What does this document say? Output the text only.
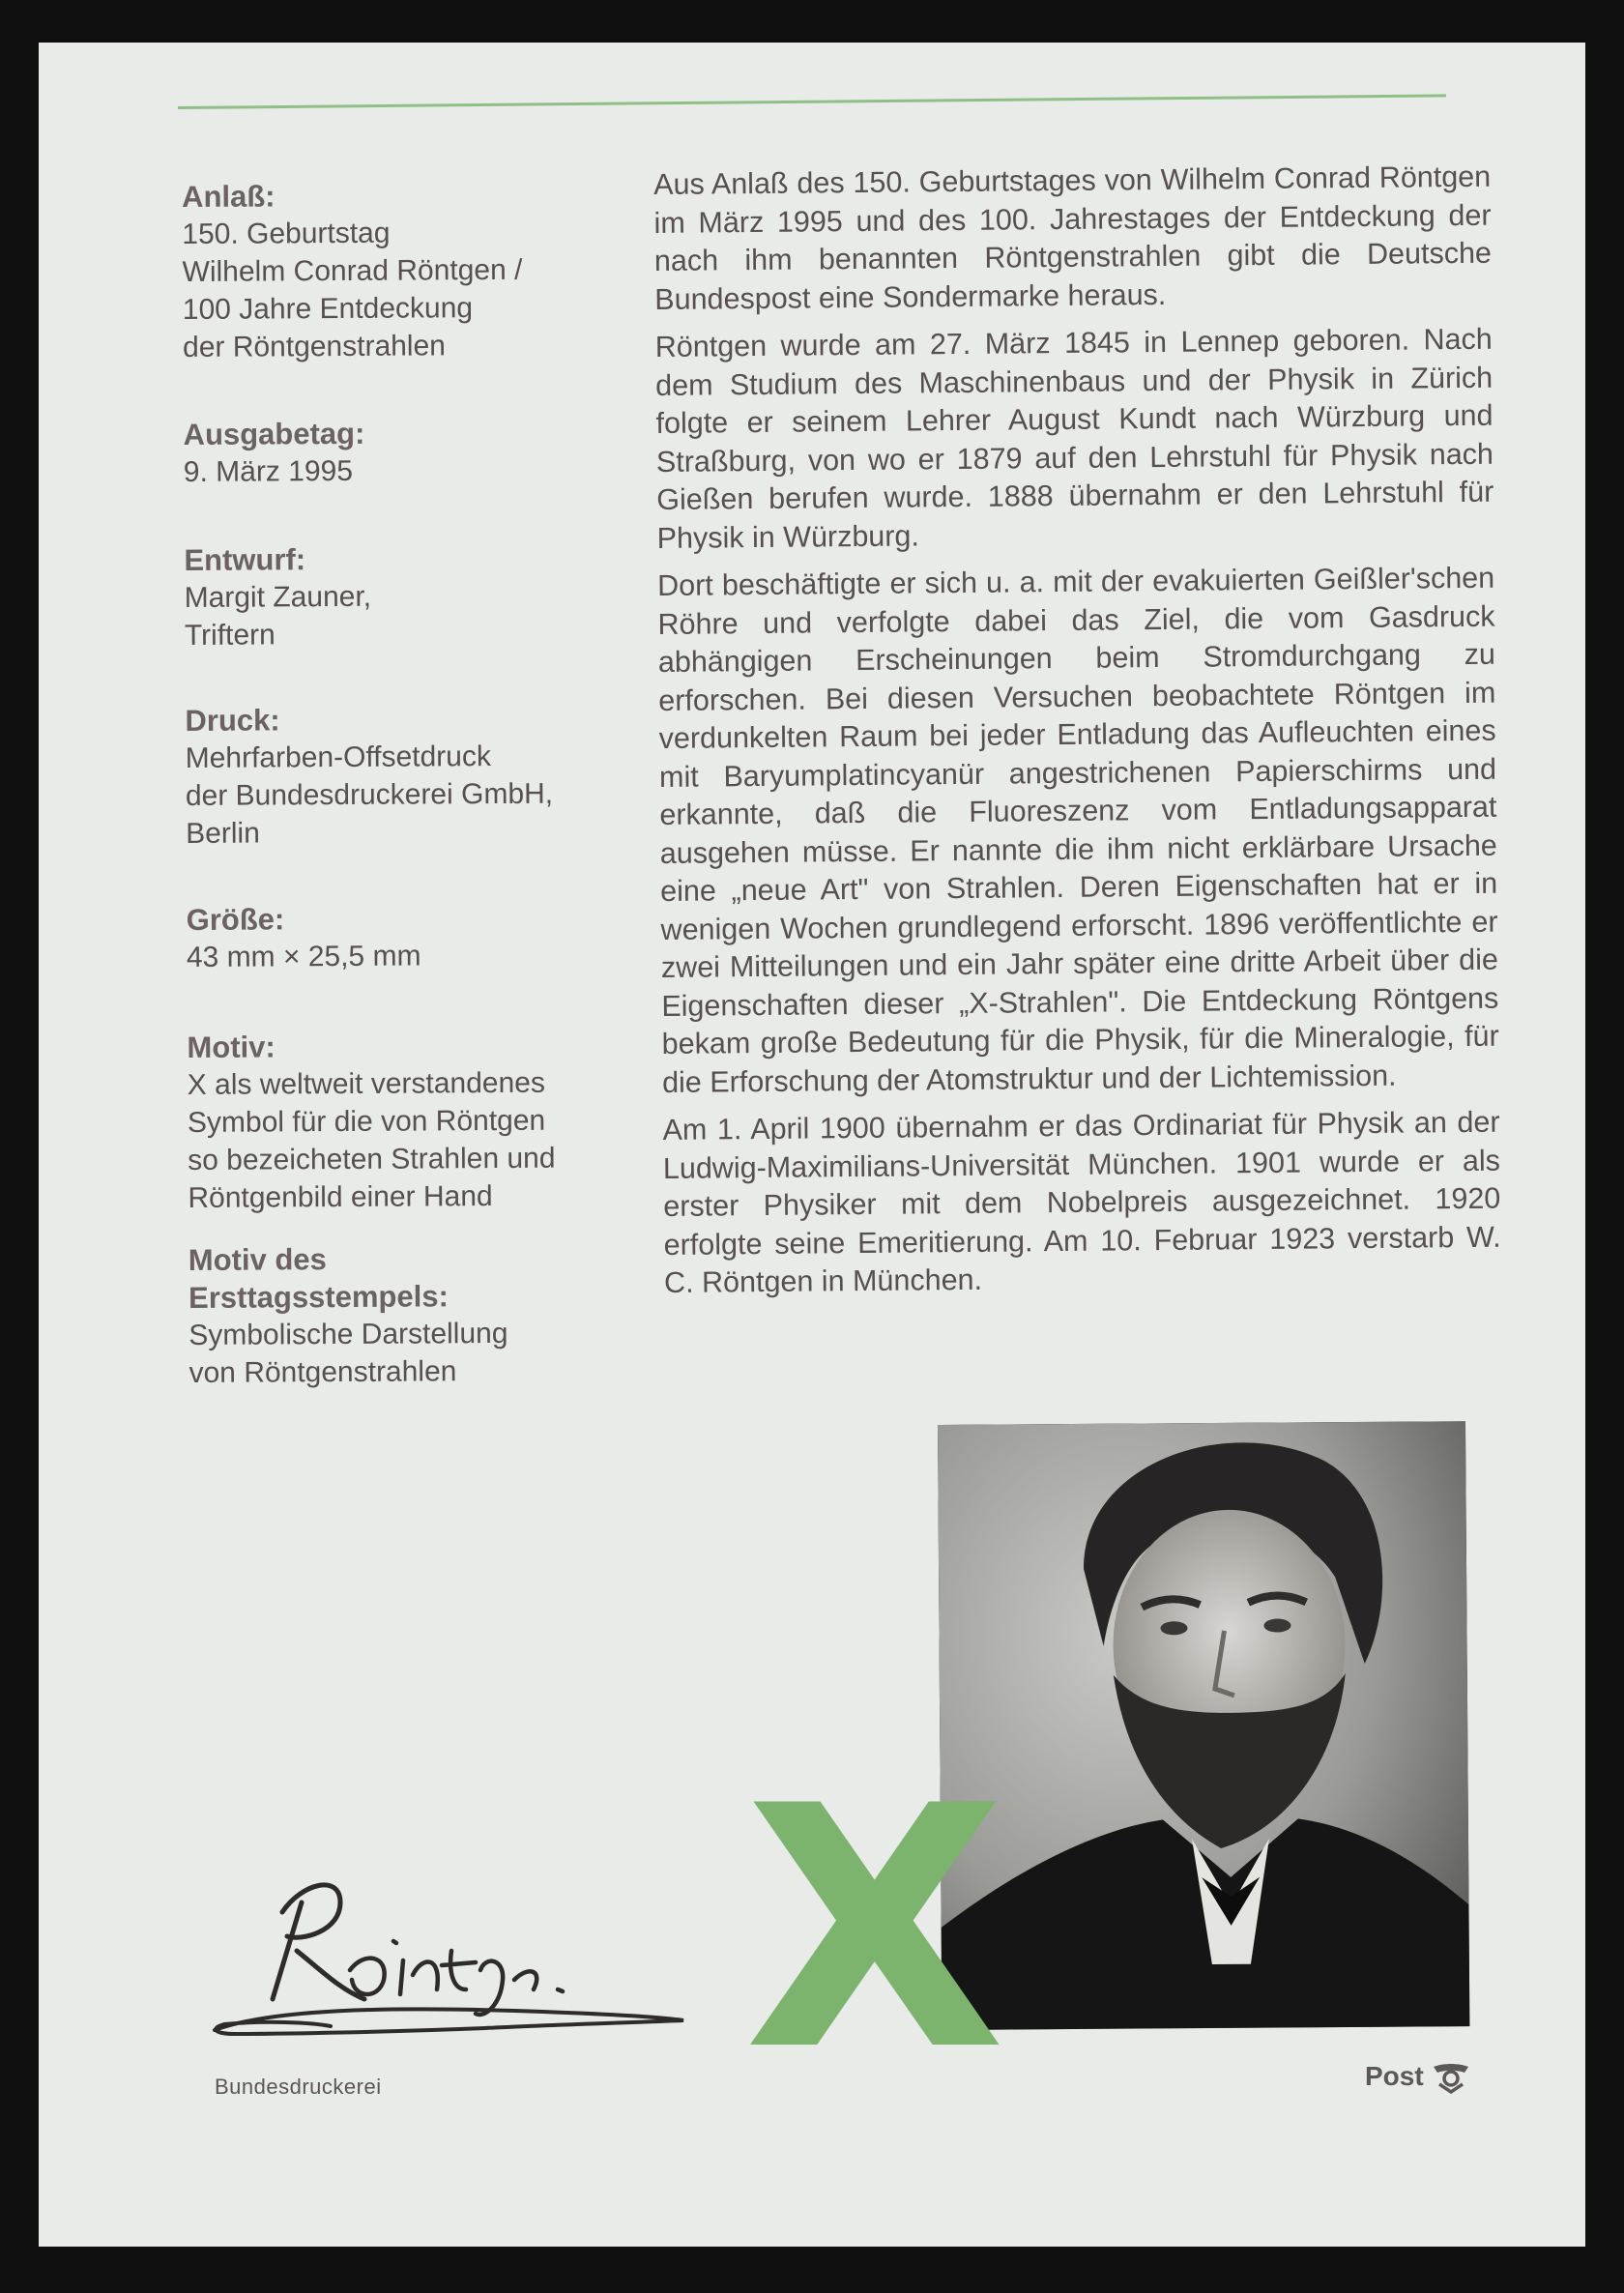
Anlaß:
150. Geburtstag
Wilhelm Conrad Röntgen /
100 Jahre Entdeckung
der Röntgenstrahlen
Ausgabetag:
9. März 1995
Entwurf:
Margit Zauner,
Triftern
Druck:
Mehrfarben-Offsetdruck
der Bundesdruckerei GmbH,
Berlin
Größe:
43 mm × 25,5 mm
Motiv:
X als weltweit verstandenes
Symbol für die von Röntgen
so bezeicheten Strahlen und
Röntgenbild einer Hand
Motiv des
Ersttagsstempels:
Symbolische Darstellung
von Röntgenstrahlen

Aus Anlaß des 150. Geburtstages von Wilhelm Conrad Röntgen im März 1995 und des 100. Jahrestages der Entdeckung der nach ihm benannten Röntgenstrahlen gibt die Deutsche Bundespost eine Sondermarke heraus.

Röntgen wurde am 27. März 1845 in Lennep geboren. Nach dem Studium des Maschinenbaus und der Physik in Zürich folgte er seinem Lehrer August Kundt nach Würzburg und Straßburg, von wo er 1879 auf den Lehrstuhl für Physik nach Gießen berufen wurde. 1888 übernahm er den Lehrstuhl für Physik in Würzburg.

Dort beschäftigte er sich u. a. mit der evakuierten Geißler'schen Röhre und verfolgte dabei das Ziel, die vom Gasdruck abhängigen Erscheinungen beim Stromdurchgang zu erforschen. Bei diesen Versuchen beobachtete Röntgen im verdunkelten Raum bei jeder Entladung das Aufleuchten eines mit Baryumplatincyanür angestrichenen Papierschirms und erkannte, daß die Fluoreszenz vom Entladungsapparat ausgehen müsse. Er nannte die ihm nicht erklärbare Ursache eine „neue Art" von Strahlen. Deren Eigenschaften hat er in wenigen Wochen grundlegend erforscht. 1896 veröffentlichte er zwei Mitteilungen und ein Jahr später eine dritte Arbeit über die Eigenschaften dieser „X-Strahlen". Die Entdeckung Röntgens bekam große Bedeutung für die Physik, für die Mineralogie, für die Erforschung der Atomstruktur und der Lichtemission.

Am 1. April 1900 übernahm er das Ordinariat für Physik an der Ludwig-Maximilians-Universität München. 1901 wurde er als erster Physiker mit dem Nobelpreis ausgezeichnet. 1920 erfolgte seine Emeritierung. Am 10. Februar 1923 verstarb W. C. Röntgen in München.

X
Bundesdruckerei	Post
